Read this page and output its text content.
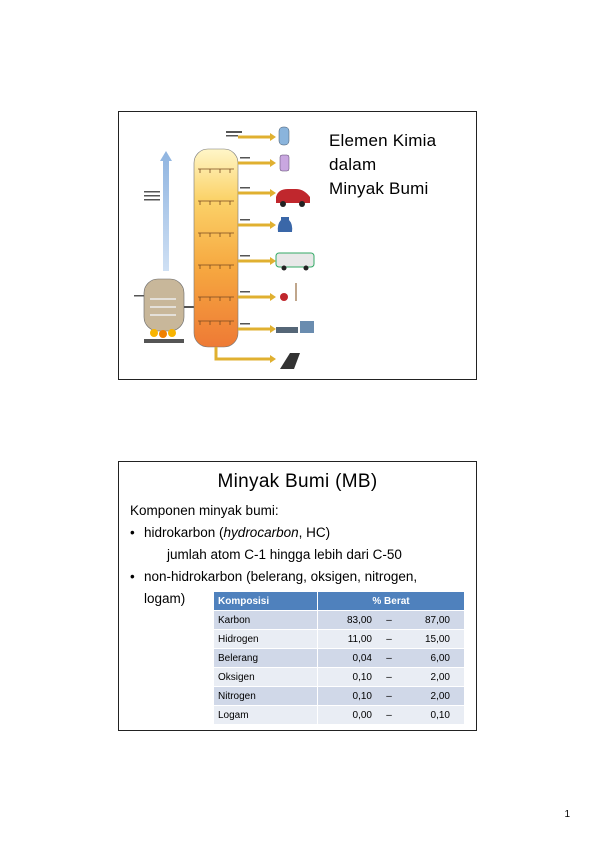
Elemen Kimia
dalam
Minyak Bumi
Minyak Bumi (MB)
Komponen minyak bumi:
• hidrokarbon (hydrocarbon, HC)
jumlah atom C-1 hingga lebih dari C-50
• non-hidrokarbon (belerang, oksigen, nitrogen,
logam)	Komposisi	% Berat		
Karbon	83,00	–	87,00
Hidrogen	11,00	–	15,00
Belerang	0,04	–	6,00
Oksigen	0,10	–	2,00
Nitrogen	0,10	–	2,00
Logam	0,00	–	0,10
1
